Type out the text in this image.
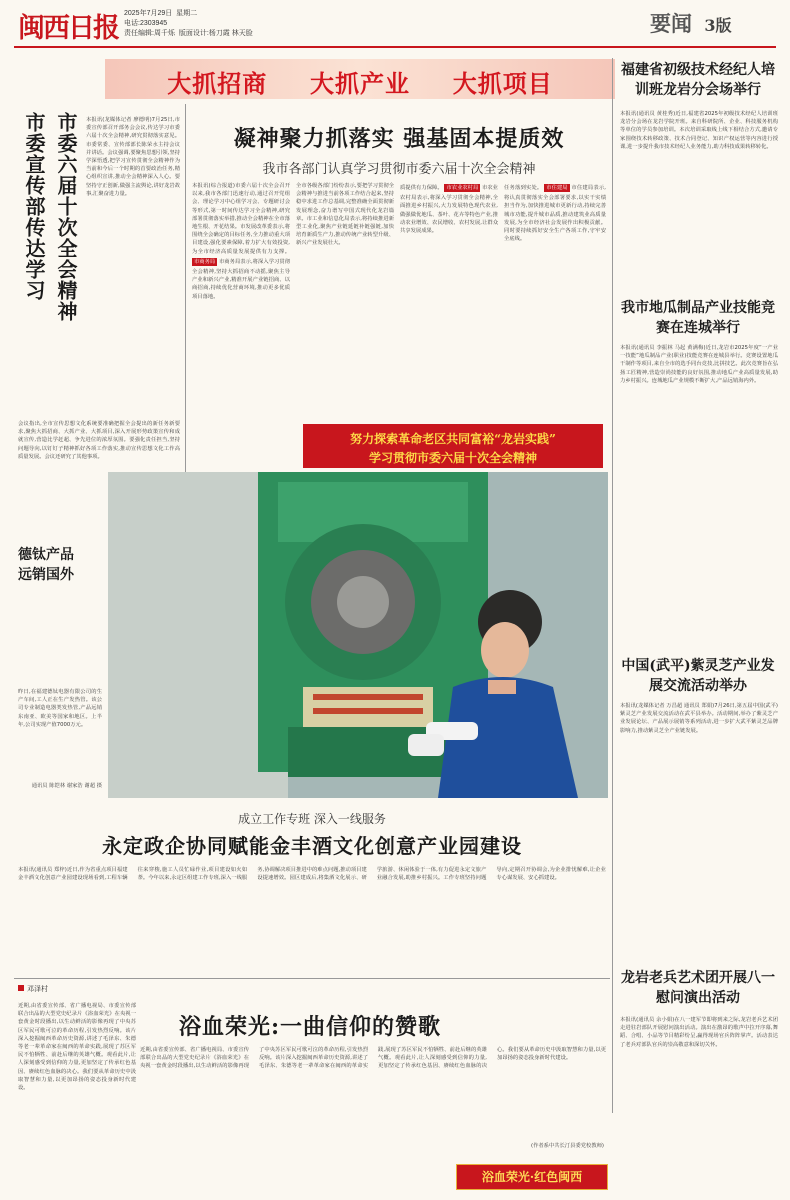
闽西日报 2025年7月29日 星期二
电话:2303945
责任编辑:周千烁 版面设计:杨刀霞 林天脸	要闻 3版
大抓招商 大抓产业 大抓项目	福建省初级技术经纪人培训班龙岩分会场举行
本报讯(通讯员 黄桂秀)近日,福建省2025年初级技术经纪人培训班龙岩分会场在龙岩学院开班。来自科研院所、企业、科技服务机构等单位的学员参加培训。本次培训采取线上线下相结合方式,邀请专家围绕技术转移政策、技术合同登记、知识产权运营等内容进行授课,进一步提升我市技术经纪人业务能力,助力科技成果转移转化。
我市地瓜制品产业技能竞赛在连城举行
本报讯(通讯员 李振林 马起 黄满梅)近日,龙岩市2025年度“一产业一技能”地瓜制品产业(职业)技能竞赛在连城县举行。竞赛设置地瓜干制作等项目,来自全市的选手同台竞技,比拼技艺。此次竞赛旨在弘扬工匠精神,营造崇尚技能的良好氛围,推动地瓜产业高质量发展,助力乡村振兴。连城地瓜产业规模不断扩大,产品远销海内外。
中国(武平)紫灵芝产业发展交流活动举办
本报讯(龙媒体记者 万昌超 通讯员 郑娟)7月26日,第五届中国(武平)紫灵芝产业发展交流活动在武平县举办。活动期间,举办了紫灵芝产业发展论坛、产品展示展销等系列活动,进一步扩大武平紫灵芝品牌影响力,推动紫灵芝全产业链发展。
龙岩老兵艺术团开展八一慰问演出活动
本报讯(通讯员 余小娟)在八一建军节即将到来之际,龙岩老兵艺术团走进驻岩部队开展慰问演出活动。演出在激昂的歌声中拉开序幕,舞蹈、合唱、小品等节目精彩纷呈,赢得现场官兵阵阵掌声。活动表达了老兵对部队官兵的崇高敬意和深切关怀。
市委六届十次全会精神
市委宣传部传达学习	本报讯(龙媒体记者 廖德明)7月25日,市委宣传部召开部务会会议,传达学习市委六届十次全会精神,研究贯彻落实意见。市委常委、宣传部部长陈荣水主持会议并讲话。会议强调,要聚焦思想引领,坚持学深悟透,把学习宣传贯彻全会精神作为当前和今后一个时期的首要政治任务,精心组织宣讲,推动全会精神深入人心。要坚持守正创新,做强主流舆论,讲好龙岩故事,汇聚奋进力量。
会议指出,全市宣传思想文化系统要准确把握全会提出的新任务新要求,聚焦大抓招商、大抓产业、大抓项目,深入开展形势政策宣传和成就宣传,营造比学赶超、争先进位的浓厚氛围。要强化责任担当,坚持问题导向,以钉钉子精神抓好各项工作落实,推动宣传思想文化工作高质量发展。会议还研究了其他事项。
凝神聚力抓落实 强基固本提质效
我市各部门认真学习贯彻市委六届十次全会精神
本报讯(综合报道)市委六届十次全会召开以来,我市各部门迅速行动,通过召开党组会、理论学习中心组学习会、专题研讨会等形式,第一时间传达学习全会精神,研究部署贯彻落实举措,推动全会精神在全市落地生根、开花结果。市发展改革委表示,将围绕全会确定的目标任务,全力推动重大项目建设,强化要素保障,着力扩大有效投资,为全市经济高质量发展提供有力支撑。 市商务局 市商务局表示,将深入学习贯彻全会精神,坚持大抓招商不动摇,聚焦主导产业和新兴产业,精准开展产业链招商、以商招商,持续优化营商环境,推动更多优质项目落地。
全市各级各部门纷纷表示,要把学习贯彻全会精神与推进当前各项工作结合起来,坚持稳中求进工作总基调,完整准确全面贯彻新发展理念,奋力谱写中国式现代化龙岩篇章。市工业和信息化局表示,将持续推进新型工业化,聚焦产业链延链补链强链,加快培育新质生产力,推动传统产业转型升级、新兴产业发展壮大。
质提供有力保障。 市农业农村局 市农业农村局表示,将深入学习贯彻全会精神,全面推进乡村振兴,大力发展特色现代农业,做强做优地瓜、茶叶、花卉等特色产业,推动农业增效、农民增收、农村发展,让群众共享发展成果。
任务落到实处。 市住建局 市住建局表示,将认真贯彻落实全会部署要求,以实干实绩担当作为,加快推进城市更新行动,持续完善城市功能,提升城市品质,推动建筑业高质量发展,为全市经济社会发展作出积极贡献。同时要持续抓好安全生产各项工作,守牢安全底线。
努力探索革命老区共同富裕“龙岩实践”
学习贯彻市委六届十次全会精神
德钛产品
远销国外
昨日,在福建德钛电器有限公司的生产车间,工人正在生产发热管。该公司专业制造电器类发热管,产品远销东南亚、欧美等国家和地区。上半年,公司实现产值7000万元。
通讯员 陈铠林 谢家浩 谢超 摄
成立工作专班 深入一线服务
永定政企协同赋能金丰酒文化创意产业园建设
本报讯(通讯员 郑梓)近日,作为省重点项目福建金丰酒文化创意产业园建设现场看到,工程车辆往来穿梭,施工人员忙碌作业,项目建设如火如荼。今年以来,永定区组建工作专班,深入一线服务,协调解决项目推进中的难点问题,推动项目建设提速增效。园区建成后,将集酒文化展示、研学旅游、休闲体验于一体,有力促进永定文旅产业融合发展,助推乡村振兴。工作专班坚持问题导向,定期召开协调会,为企业排忧解难,让企业专心谋发展、安心抓建设。
邓泽村
浴血荣光:一曲信仰的赞歌
近期,由省委宣传部、省广播电视局、市委宣传部联合出品的大型党史纪录片《浴血荣光》在央视一套黄金时段播出,以生动鲜活的影像再现了中央苏区军民可歌可泣的革命历程,引发热烈反响。该片深入挖掘闽西革命历史资源,讲述了毛泽东、朱德等老一辈革命家在闽西的革命实践,展现了苏区军民不怕牺牲、前赴后继的英雄气概。观看此片,让人深刻感受到信仰的力量,更加坚定了传承红色基因、赓续红色血脉的决心。我们要从革命历史中汲取智慧和力量,以更加昂扬的姿态投身新时代建设。
近期,由省委宣传部、省广播电视局、市委宣传部联合出品的大型党史纪录片《浴血荣光》在央视一套黄金时段播出,以生动鲜活的影像再现了中央苏区军民可歌可泣的革命历程,引发热烈反响。该片深入挖掘闽西革命历史资源,讲述了毛泽东、朱德等老一辈革命家在闽西的革命实践,展现了苏区军民不怕牺牲、前赴后继的英雄气概。观看此片,让人深刻感受到信仰的力量,更加坚定了传承红色基因、赓续红色血脉的决心。我们要从革命历史中汲取智慧和力量,以更加昂扬的姿态投身新时代建设。
(作者系中共长汀县委党校教师)
浴血荣光·红色闽西
